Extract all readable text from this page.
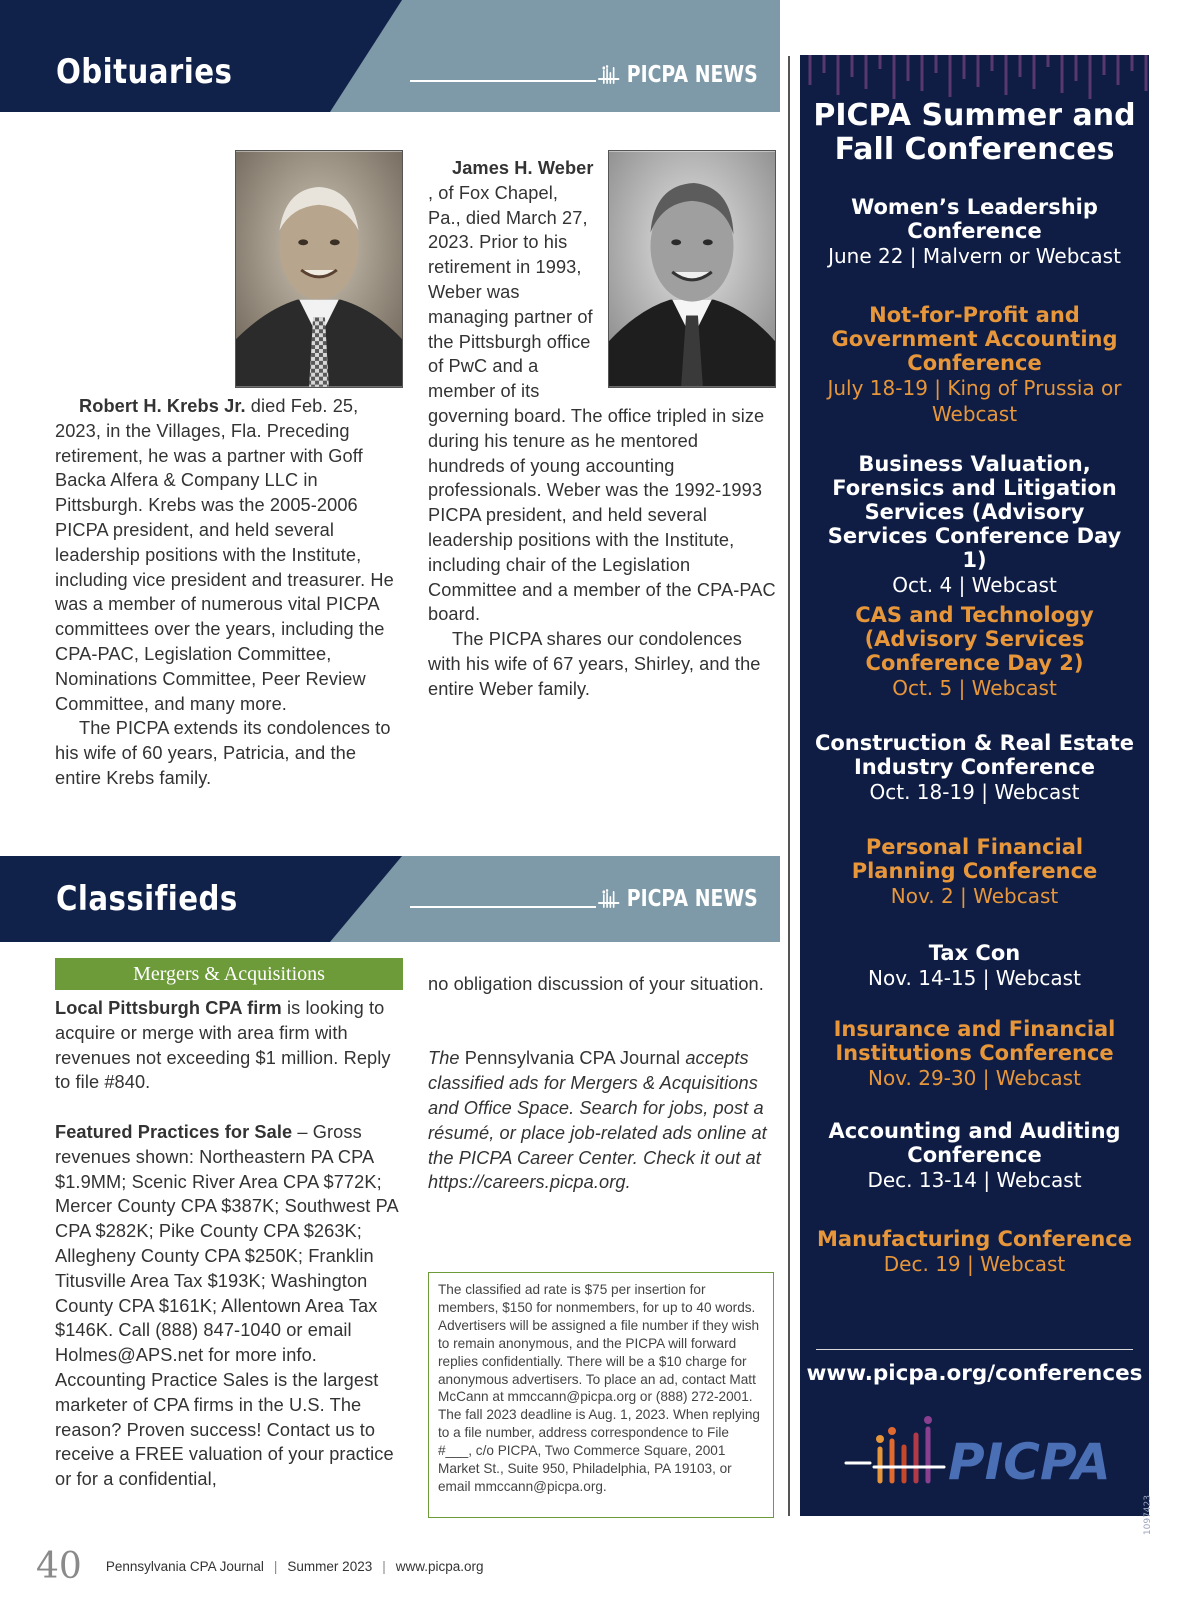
Obituaries	PICPA NEWS

Robert H. Krebs Jr. died Feb. 25, 2023, in the Villages, Fla. Preceding retirement, he was a partner with Goff Backa Alfera & Company LLC in Pittsburgh. Krebs was the 2005-2006 PICPA president, and held several leadership positions with the Institute, including vice president and treasurer. He was a member of numerous vital PICPA committees over the years, including the CPA-PAC, Legislation Committee, Nominations Committee, Peer Review Committee, and many more.

The PICPA extends its condolences to his wife of 60 years, Patricia, and the entire Krebs family.

James H. Weber, of Fox Chapel, Pa., died March 27, 2023. Prior to his retirement in 1993, Weber was managing partner of the Pittsburgh office of PwC and a member of its governing board. The office tripled in size during his tenure as he mentored hundreds of young accounting professionals. Weber was the 1992-1993 PICPA president, and held several leadership positions with the Institute, including chair of the Legislation Committee and a member of the CPA-PAC board.

The PICPA shares our condolences with his wife of 67 years, Shirley, and the entire Weber family.

Classifieds	PICPA NEWS
Mergers & Acquisitions

Local Pittsburgh CPA firm is looking to acquire or merge with area firm with revenues not exceeding $1 million. Reply to file #840.

Featured Practices for Sale – Gross revenues shown: Northeastern PA CPA $1.9MM; Scenic River Area CPA $772K; Mercer County CPA $387K; Southwest PA CPA $282K; Pike County CPA $263K; Allegheny County CPA $250K; Franklin Titusville Area Tax $193K; Washington County CPA $161K; Allentown Area Tax $146K. Call (888) 847-1040 or email Holmes@APS.net for more info. Accounting Practice Sales is the largest marketer of CPA firms in the U.S. The reason? Proven success! Contact us to receive a FREE valuation of your practice or for a confidential,

no obligation discussion of your situation.

The Pennsylvania CPA Journal accepts classified ads for Mergers & Acquisitions and Office Space. Search for jobs, post a résumé, or place job-related ads online at the PICPA Career Center. Check it out at https://careers.picpa.org.

The classified ad rate is $75 per insertion for members, $150 for nonmembers, for up to 40 words. Advertisers will be assigned a file number if they wish to remain anonymous, and the PICPA will forward replies confidentially. There will be a $10 charge for anonymous advertisers. To place an ad, contact Matt McCann at mmccann@picpa.org or (888) 272-2001. The fall 2023 deadline is Aug. 1, 2023. When replying to a file number, address correspondence to File #___, c/o PICPA, Two Commerce Square, 2001 Market St., Suite 950, Philadelphia, PA 19103, or email mmccann@picpa.org.
PICPA Summer and Fall Conferences
Women’s Leadership Conference
June 22 | Malvern or Webcast
Not-for-Profit and Government Accounting Conference
July 18-19 | King of Prussia or Webcast
Business Valuation, Forensics and Litigation Services (Advisory Services Conference Day 1)
Oct. 4 | Webcast
CAS and Technology (Advisory Services Conference Day 2)
Oct. 5 | Webcast
Construction & Real Estate Industry Conference
Oct. 18-19 | Webcast
Personal Financial Planning Conference
Nov. 2 | Webcast
Tax Con
Nov. 14-15 | Webcast
Insurance and Financial Institutions Conference
Nov. 29-30 | Webcast
Accounting and Auditing Conference
Dec. 13-14 | Webcast
Manufacturing Conference
Dec. 19 | Webcast
www.picpa.org/conferences
PICPA
1097423
40 Pennsylvania CPA Journal | Summer 2023 | www.picpa.org
